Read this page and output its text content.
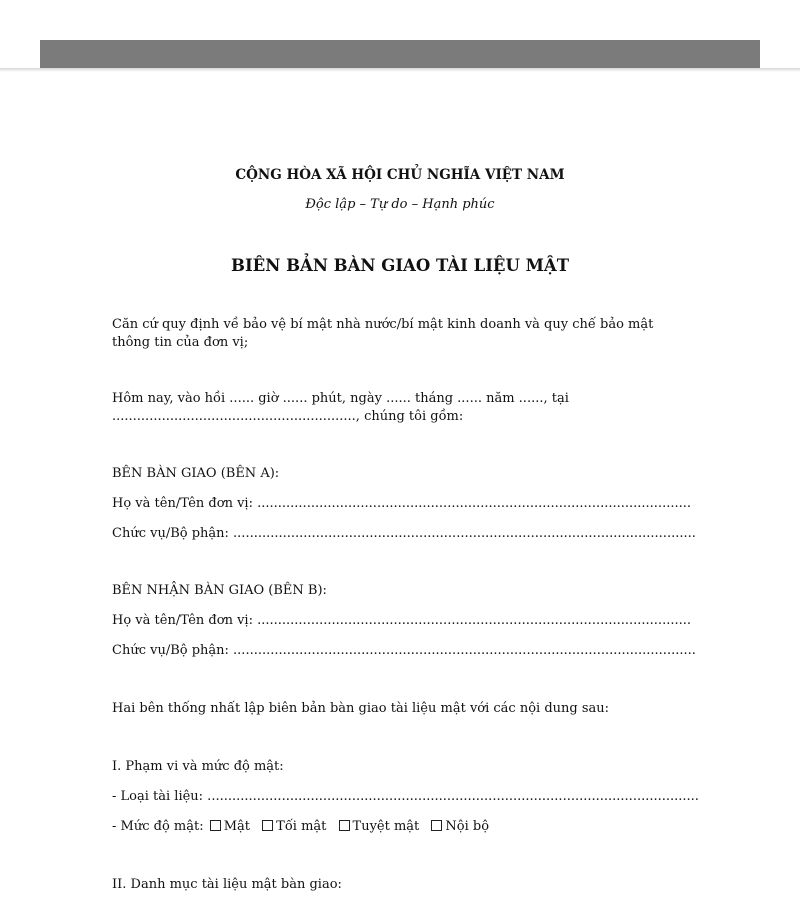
CỘNG HÒA XÃ HỘI CHỦ NGHĨA VIỆT NAM
Độc lập – Tự do – Hạnh phúc
BIÊN BẢN BÀN GIAO TÀI LIỆU MẬT
Căn cứ quy định về bảo vệ bí mật nhà nước/bí mật kinh doanh và quy chế bảo mật thông tin của đơn vị;
Hôm nay, vào hồi ...... giờ ...... phút, ngày ...... tháng ...... năm ......, tại ..........................................................., chúng tôi gồm:
BÊN BÀN GIAO (BÊN A):
Họ và tên/Tên đơn vị: .........................................................................................................
Chức vụ/Bộ phận: ................................................................................................................
BÊN NHẬN BÀN GIAO (BÊN B):
Họ và tên/Tên đơn vị: .........................................................................................................
Chức vụ/Bộ phận: ................................................................................................................
Hai bên thống nhất lập biên bản bàn giao tài liệu mật với các nội dung sau:
I. Phạm vi và mức độ mật:
- Loại tài liệu: .......................................................................................................................
- Mức độ mật: Mật Tối mật Tuyệt mật Nội bộ
II. Danh mục tài liệu mật bàn giao:
